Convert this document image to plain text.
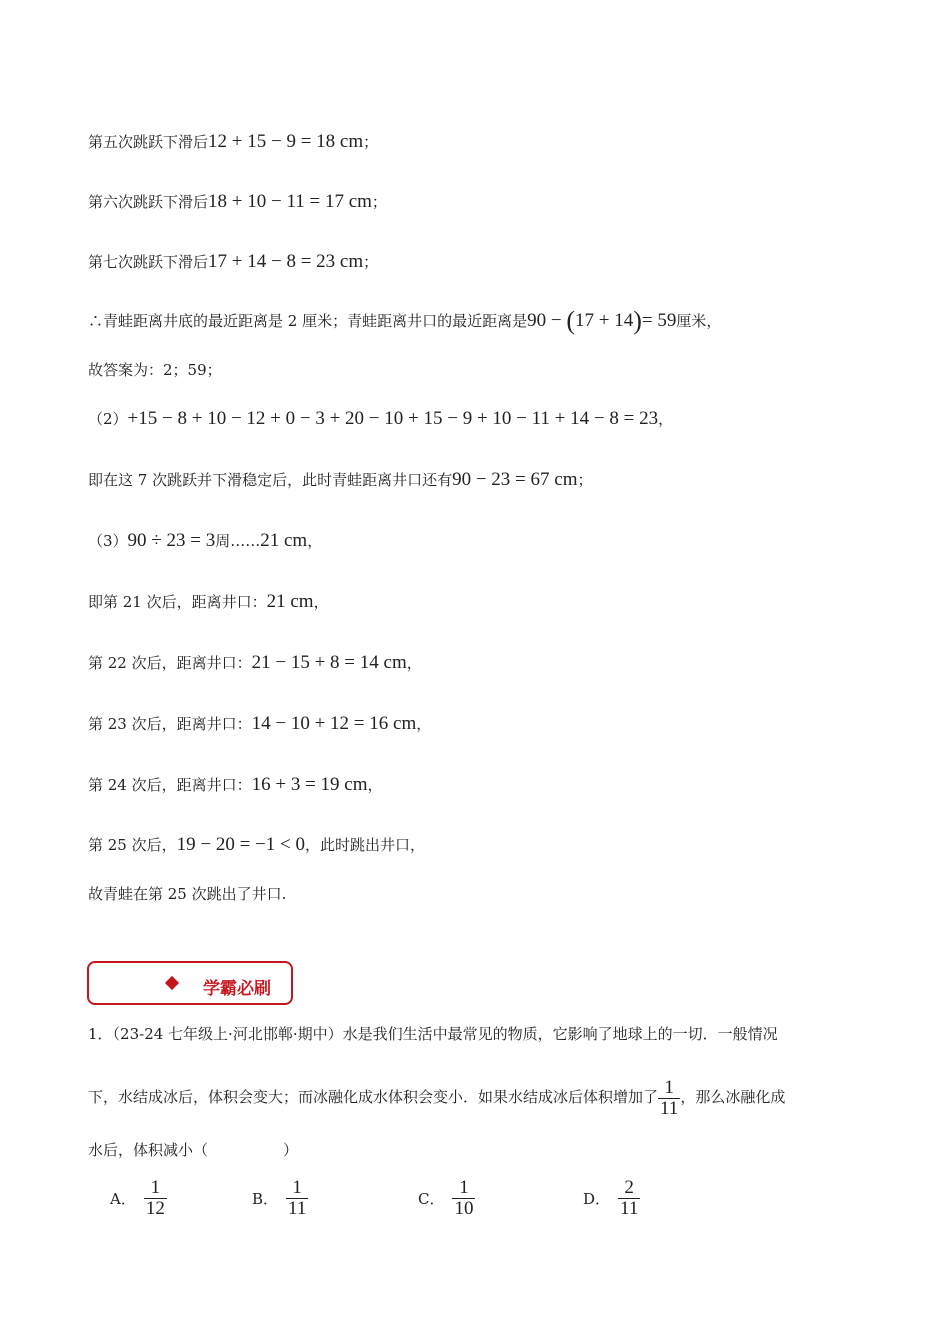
第五次跳跃下滑后12 + 15 − 9 = 18 cm；
第六次跳跃下滑后18 + 10 − 11 = 17 cm；
第七次跳跃下滑后17 + 14 − 8 = 23 cm；
∴青蛙距离井底的最近距离是 2 厘米；青蛙距离井口的最近距离是90 − (17 + 14)= 59厘米，
故答案为：2；59；
（2）+15 − 8 + 10 − 12 + 0 − 3 + 20 − 10 + 15 − 9 + 10 − 11 + 14 − 8 = 23，
即在这 7 次跳跃并下滑稳定后，此时青蛙距离井口还有90 − 23 = 67 cm；
（3）90 ÷ 23 = 3周……21 cm，
即第 21 次后，距离井口：21 cm，
第 22 次后，距离井口：21 − 15 + 8 = 14 cm，
第 23 次后，距离井口：14 − 10 + 12 = 16 cm，
第 24 次后，距离井口：16 + 3 = 19 cm，
第 25 次后，19 − 20 = −1 < 0，此时跳出井口，
故青蛙在第 25 次跳出了井口.
学霸必刷
1．（23-24 七年级上·河北邯郸·期中）水是我们生活中最常见的物质，它影响了地球上的一切．一般情况
下，水结成冰后，体积会变大；而冰融化成水体积会变小．如果水结成冰后体积增加了 $\frac{1}{11}$ ，那么冰融化成
水后，体积减小（　　　　　）
A． $\frac{1}{12}$	B． $\frac{1}{11}$	C． $\frac{1}{10}$	D． $\frac{2}{11}$
